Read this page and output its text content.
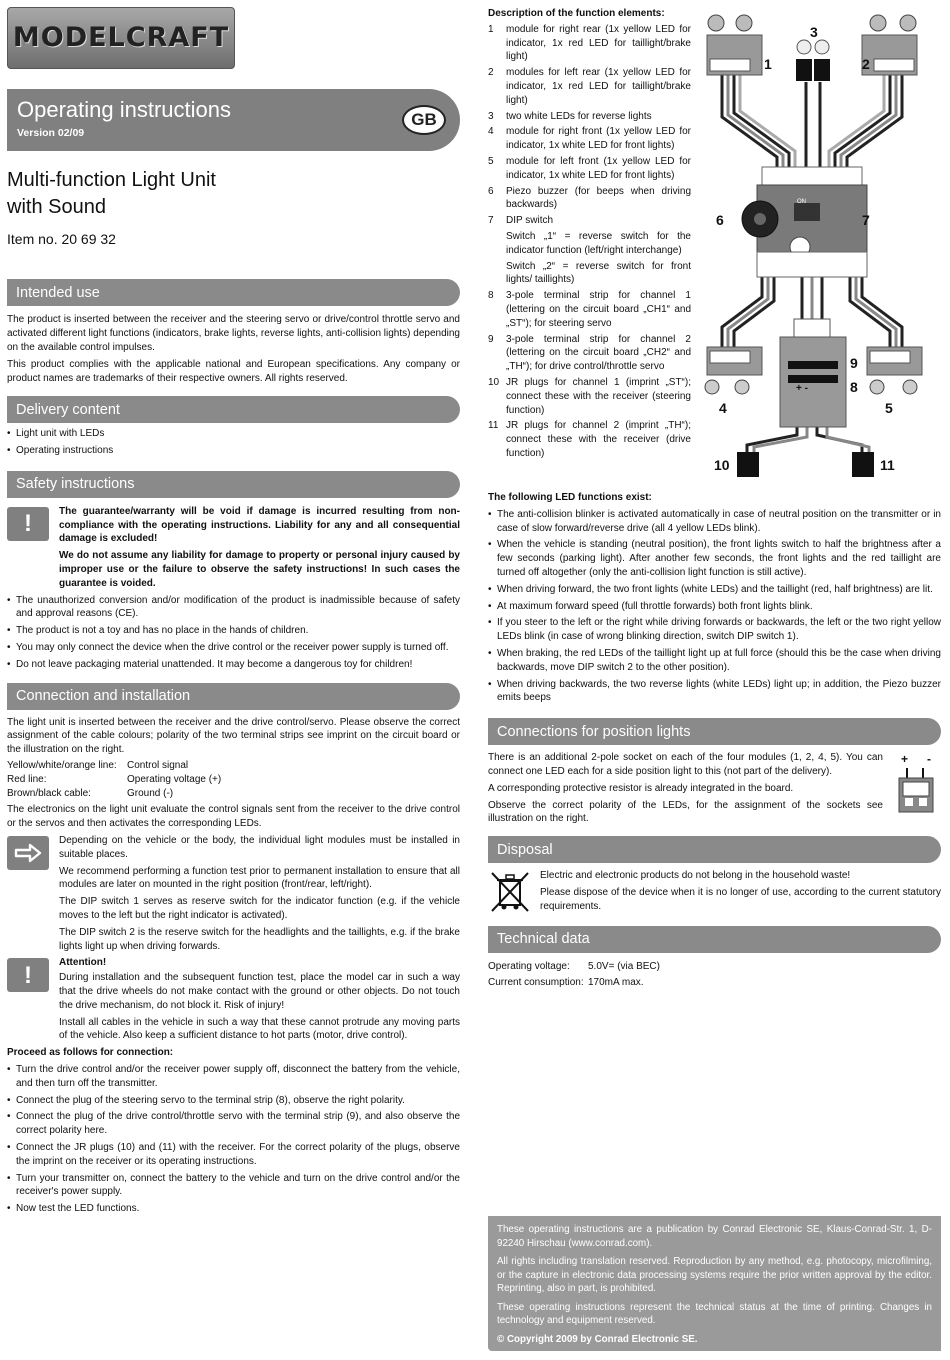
MODELCRAFT
Operating instructions
Version 02/09
GB
Multi-function Light Unit
with Sound
Item no. 20 69 32
Intended use

The product is inserted between the receiver and the steering servo or drive/control throttle servo and activated different light functions (indicators, brake lights, reverse lights, anti-collision lights) depending on the available control impulses.

This product complies with the applicable national and European specifications. Any company or product names are trademarks of their respective owners. All rights reserved.

Delivery content
• Light unit with LEDs
• Operating instructions
Safety instructions
!	The guarantee/warranty will be void if damage is incurred resulting from non-compliance with the operating instructions. Liability for any and all consequential damage is excluded!

We do not assume any liability for damage to property or personal injury caused by improper use or the failure to observe the safety instructions! In such cases the guarantee is voided.

• The unauthorized conversion and/or modification of the product is inadmissible because of safety and approval reasons (CE).
• The product is not a toy and has no place in the hands of children.
• You may only connect the device when the drive control or the receiver power supply is turned off.
• Do not leave packaging material unattended. It may become a dangerous toy for children!
Connection and installation

The light unit is inserted between the receiver and the drive control/servo. Please observe the correct assignment of the cable colours; polarity of the two terminal strips see imprint on the circuit board or the illustration on the right.

Yellow/white/orange line:	Control signal
Red line:	Operating voltage (+)
Brown/black cable:	Ground (-)

The electronics on the light unit evaluate the control signals sent from the receiver to the drive control or the servos and then activates the corresponding LEDs.

Depending on the vehicle or the body, the individual light modules must be installed in suitable places.

We recommend performing a function test prior to permanent installation to ensure that all modules are later on mounted in the right position (front/rear, left/right).

The DIP switch 1 serves as reserve switch for the indicator function (e.g. if the vehicle moves to the left but the right indicator is activated).

The DIP switch 2 is the reserve switch for the headlights and the taillights, e.g. if the brake lights light up when driving forwards.

!	Attention!

During installation and the subsequent function test, place the model car in such a way that the drive wheels do not make contact with the ground or other objects. Do not touch the drive mechanism, do not block it. Risk of injury!

Install all cables in the vehicle in such a way that these cannot protrude any moving parts of the vehicle. Also keep a sufficient distance to hot parts (motor, drive control).

Proceed as follows for connection:

• Turn the drive control and/or the receiver power supply off, disconnect the battery from the vehicle, and then turn off the transmitter.
• Connect the plug of the steering servo to the terminal strip (8), observe the right polarity.
• Connect the plug of the drive control/throttle servo with the terminal strip (9), and also observe the correct polarity here.
• Connect the JR plugs (10) and (11) with the receiver. For the correct polarity of the plugs, observe the imprint on the receiver or its operating instructions.
• Turn your transmitter on, connect the battery to the vehicle and turn on the drive control and/or the receiver's power supply.
• Now test the LED functions.

Description of the function elements:

1	module for right rear (1x yellow LED for indicator, 1x red LED for taillight/brake light)
2	modules for left rear (1x yellow LED for indicator, 1x red LED for taillight/brake light)
3	two white LEDs for reverse lights
4	module for right front (1x yellow LED for indicator, 1x white LED for front lights)
5	module for left front (1x yellow LED for indicator, 1x white LED for front lights)
6	Piezo buzzer (for beeps when driving backwards)
7	DIP switch
Switch „1“ = reverse switch for the indicator function (left/right interchange)
Switch „2“ = reverse switch for front lights/ taillights)
8	3-pole terminal strip for channel 1 (lettering on the circuit board „CH1“ and „ST“); for steering servo
9	3-pole terminal strip for channel 2 (lettering on the circuit board „CH2“ and „TH“); for drive control/throttle servo
10 JR plugs for channel 1 (imprint „ST“); connect these with the receiver (steering function)
11 JR plugs for channel 2 (imprint „TH“); connect these with the receiver (drive function)
ON
+ -
1	2
3
4	5
6	7
8
9
10	11

The following LED functions exist:

• The anti-collision blinker is activated automatically in case of neutral position on the transmitter or in case of slow forward/reverse drive (all 4 yellow LEDs blink).
• When the vehicle is standing (neutral position), the front lights switch to half the brightness after a few seconds (parking light). After another few seconds, the front lights and the red taillight are turned off altogether (only the anti-collision light function is still active).
• When driving forward, the two front lights (white LEDs) and the taillight (red, half brightness) are lit.
• At maximum forward speed (full throttle forwards) both front lights blink.
• If you steer to the left or the right while driving forwards or backwards, the left or the two right yellow LEDs blink (in case of wrong blinking direction, switch DIP switch 1).
• When braking, the red LEDs of the taillight light up at full force (should this be the case when driving backwards, move DIP switch 2 to the other position).
• When driving backwards, the two reverse lights (white LEDs) light up; in addition, the Piezo buzzer emits beeps
Connections for position lights

There is an additional 2-pole socket on each of the four modules (1, 2, 4, 5). You can connect one LED each for a side position light to this (not part of the delivery).

A corresponding protective resistor is already integrated in the board.

Observe the correct polarity of the LEDs, for the assignment of the sockets see illustration on the right.

+ -
Disposal

Electric and electronic products do not belong in the household waste!

Please dispose of the device when it is no longer of use, according to the current statutory requirements.

Technical data
Operating voltage:	5.0V= (via BEC)
Current consumption: 170mA max.

These operating instructions are a publication by Conrad Electronic SE, Klaus-Conrad-Str. 1, D-92240 Hirschau (www.conrad.com).

All rights including translation reserved. Reproduction by any method, e.g. photocopy, microfilming, or the capture in electronic data processing systems require the prior written approval by the editor. Reprinting, also in part, is prohibited.

These operating instructions represent the technical status at the time of printing. Changes in technology and equipment reserved.

© Copyright 2009 by Conrad Electronic SE.
